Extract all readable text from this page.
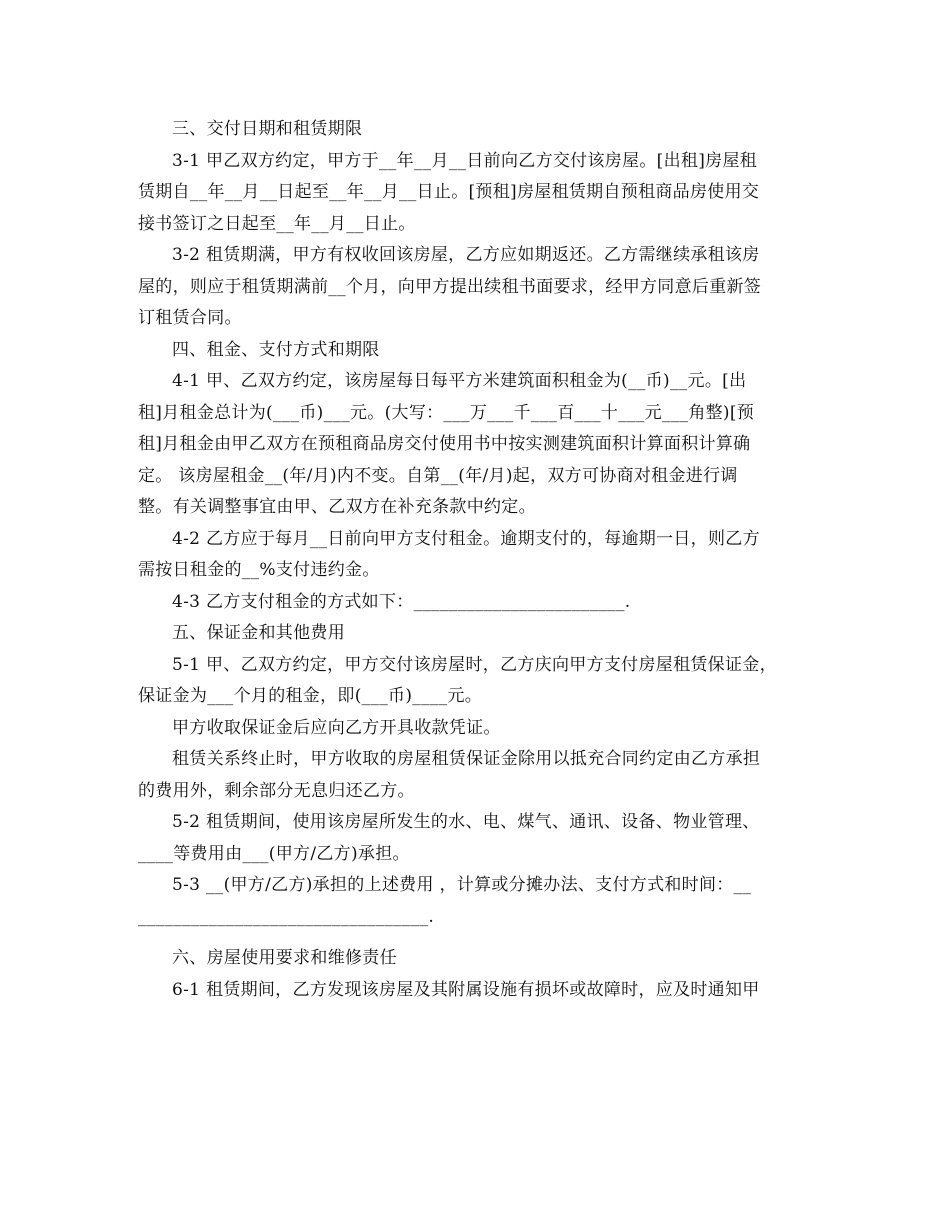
三、交付日期和租赁期限
3-1 甲乙双方约定，甲方于__年__月__日前向乙方交付该房屋。[出租]房屋租
赁期自__年__月__日起至__年__月__日止。[预租]房屋租赁期自预租商品房使用交
接书签订之日起至__年__月__日止。
3-2 租赁期满，甲方有权收回该房屋，乙方应如期返还。乙方需继续承租该房
屋的，则应于租赁期满前__个月，向甲方提出续租书面要求，经甲方同意后重新签
订租赁合同。
四、租金、支付方式和期限
4-1 甲、乙双方约定，该房屋每日每平方米建筑面积租金为(__币)__元。[出
租]月租金总计为(___币)___元。(大写：___万___千___百___十___元___角整)[预
租]月租金由甲乙双方在预租商品房交付使用书中按实测建筑面积计算面积计算确
定。 该房屋租金__(年/月)内不变。自第__(年/月)起，双方可协商对租金进行调
整。有关调整事宜由甲、乙双方在补充条款中约定。
4-2 乙方应于每月__日前向甲方支付租金。逾期支付的，每逾期一日，则乙方
需按日租金的__%支付违约金。
4-3 乙方支付租金的方式如下：________________________.
五、保证金和其他费用
5-1 甲、乙双方约定，甲方交付该房屋时，乙方庆向甲方支付房屋租赁保证金，
保证金为___个月的租金，即(___币)____元。
甲方收取保证金后应向乙方开具收款凭证。
租赁关系终止时，甲方收取的房屋租赁保证金除用以抵充合同约定由乙方承担
的费用外，剩余部分无息归还乙方。
5-2 租赁期间，使用该房屋所发生的水、电、煤气、通讯、设备、物业管理、
____等费用由___(甲方/乙方)承担。
5-3 __(甲方/乙方)承担的上述费用 ，计算或分摊办法、支付方式和时间：__
_________________________________.
六、房屋使用要求和维修责任
6-1 租赁期间，乙方发现该房屋及其附属设施有损坏或故障时，应及时通知甲
